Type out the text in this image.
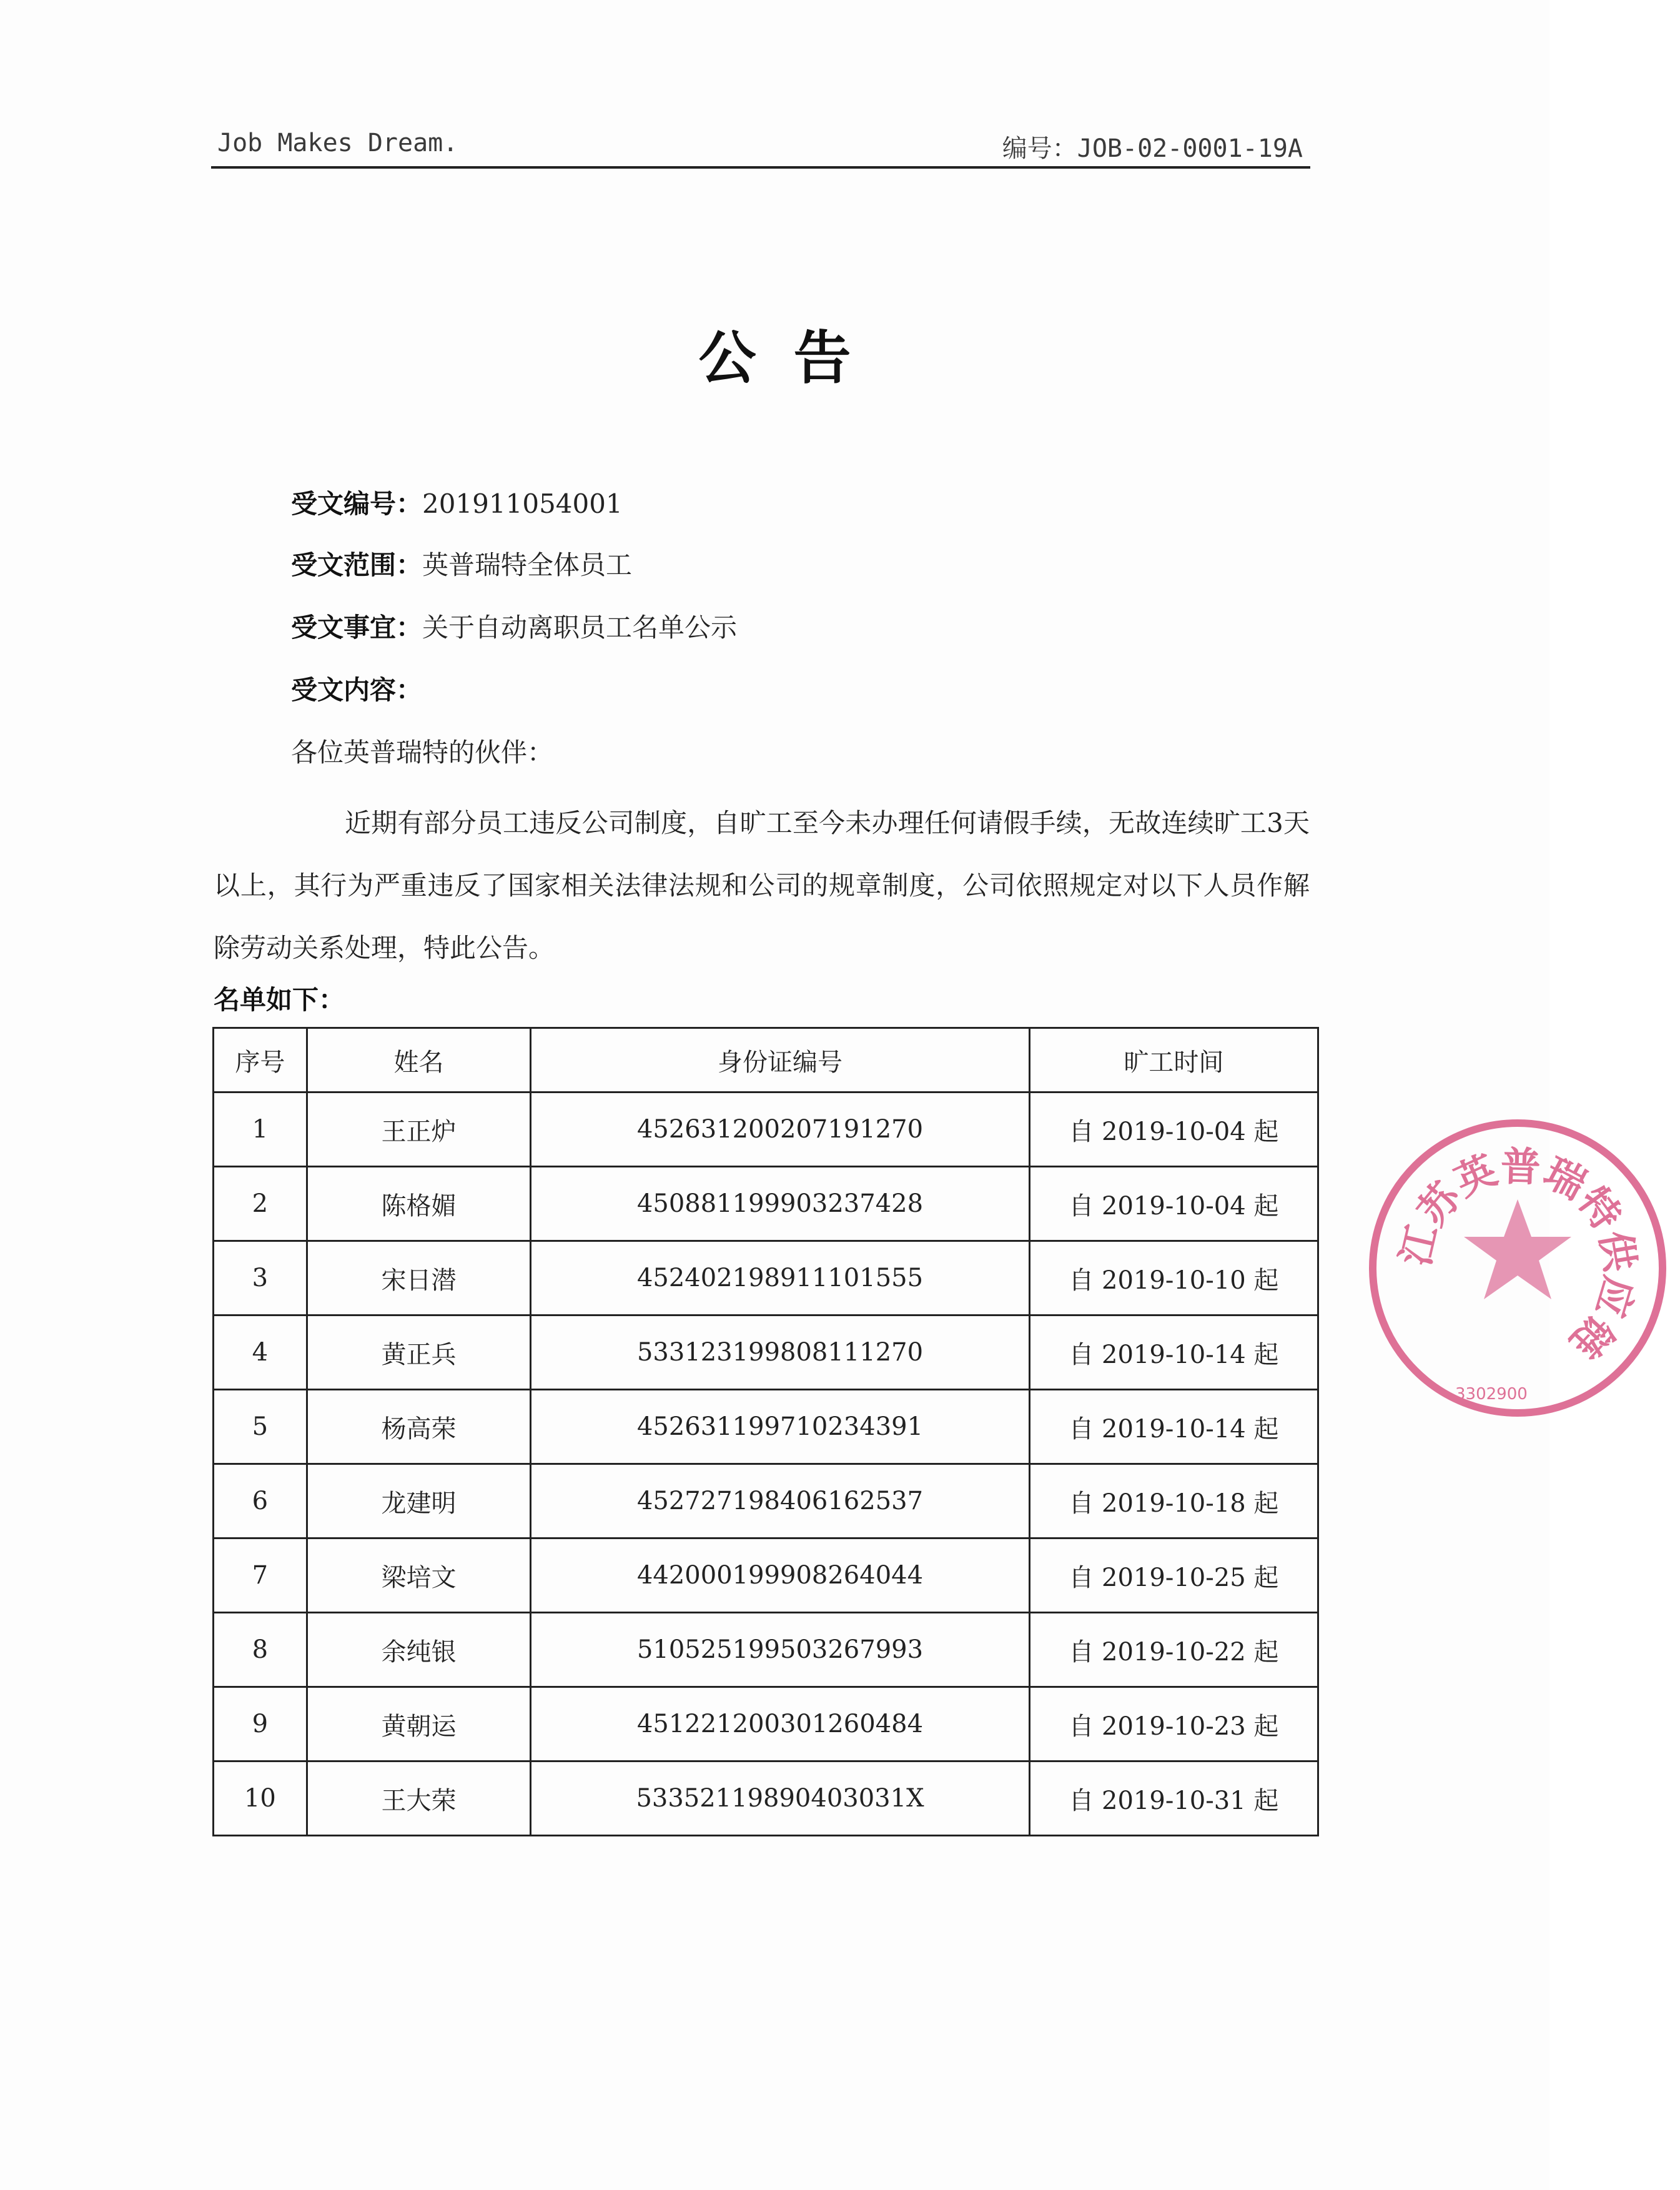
Job Makes Dream.	编号：JOB-02-0001-19A
公告
受文编号：201911054001
受文范围：英普瑞特全体员工
受文事宜：关于自动离职员工名单公示
受文内容：
各位英普瑞特的伙伴：
近期有部分员工违反公司制度，自旷工至今未办理任何请假手续，无故连续旷工3天以上，其行为严重违反了国家相关法律法规和公司的规章制度，公司依照规定对以下人员作解除劳动关系处理，特此公告。
名单如下：
序号	姓名	身份证编号	旷工时间
1	王正炉	452631200207191270	自 2019-10-04 起
2	陈格媚	450881199903237428	自 2019-10-04 起
3	宋日潜	452402198911101555	自 2019-10-10 起
4	黄正兵	533123199808111270	自 2019-10-14 起
5	杨高荣	452631199710234391	自 2019-10-14 起
6	龙建明	452727198406162537	自 2019-10-18 起
7	梁培文	442000199908264044	自 2019-10-25 起
8	余纯银	510525199503267993	自 2019-10-22 起
9	黄朝运	451221200301260484	自 2019-10-23 起
10	王大荣	53352119890403031X	自 2019-10-31 起
江苏英普瑞特供应链
3302900
